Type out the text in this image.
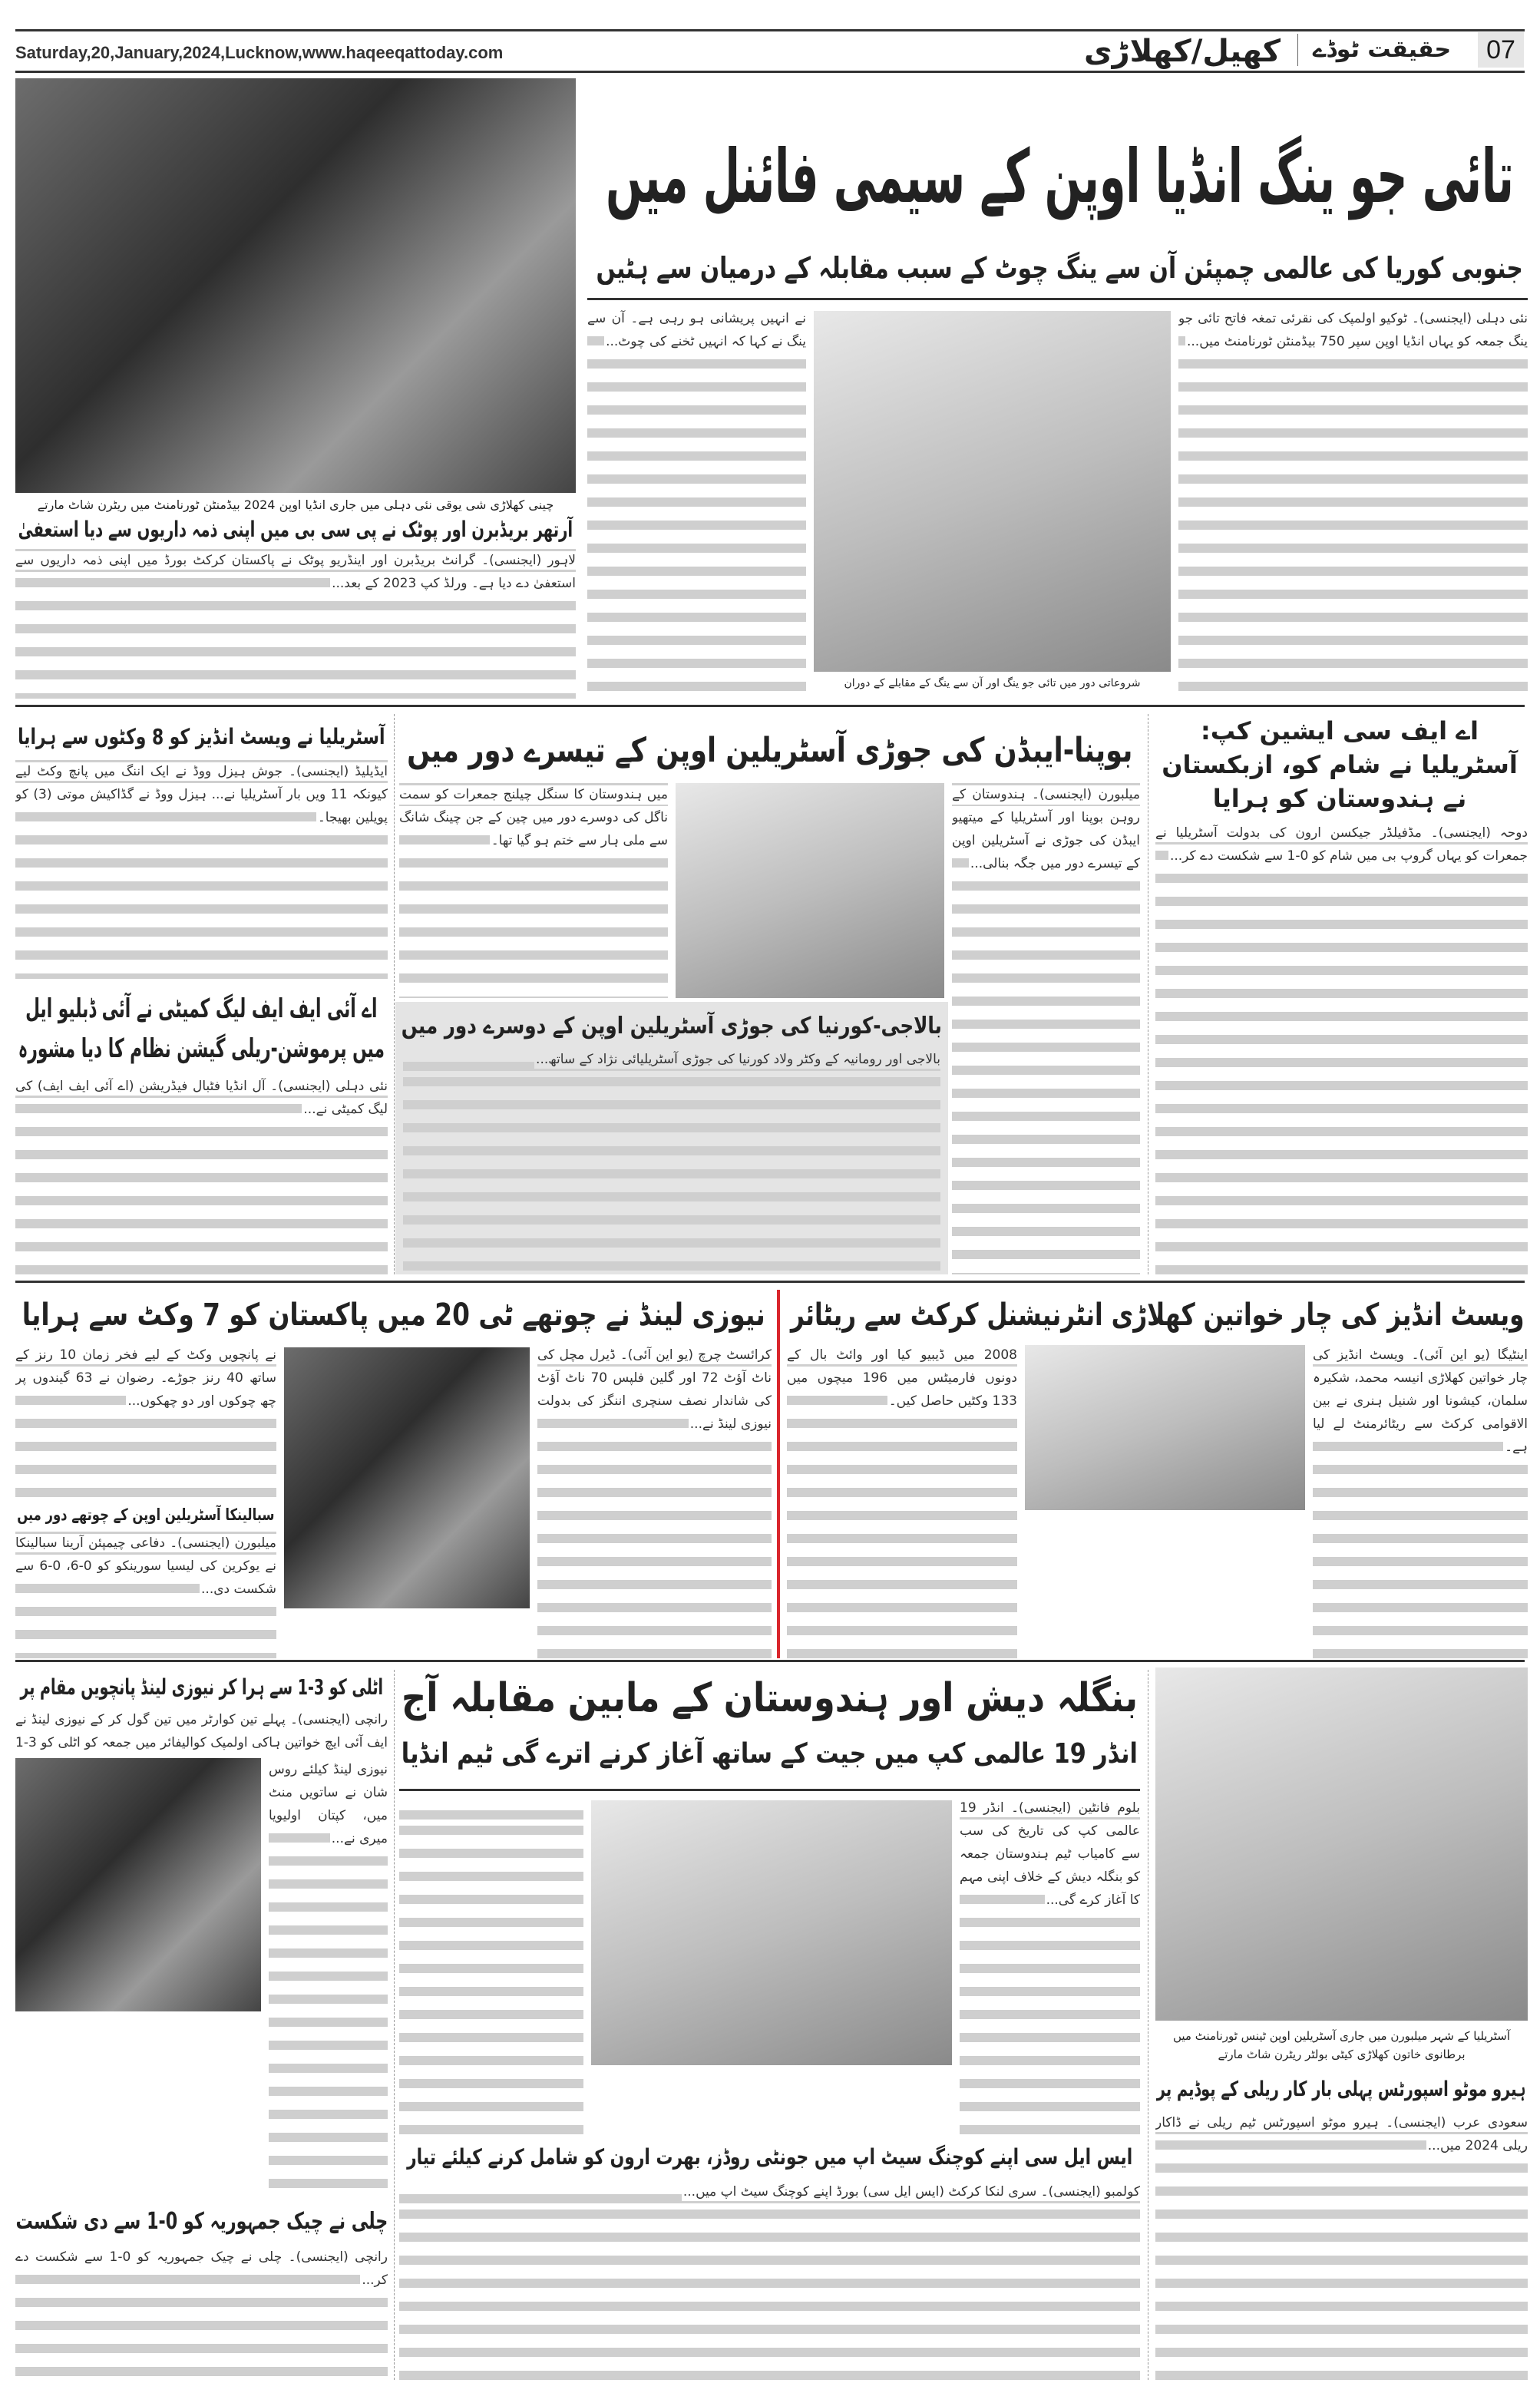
Saturday,20,January,2024,Lucknow,www.haqeeqattoday.com	کھیل/کھلاڑی	حقیقت ٹوڈے	07
چینی کھلاڑی شی یوقی نئی دہلی میں جاری انڈیا اوپن 2024 بیڈمنٹن ٹورنامنٹ میں ریٹرن شاٹ مارتے
آرتھر بریڈبرن اور پوٹک نے پی سی بی میں اپنی ذمہ داریوں سے دیا استعفیٰ

لاہور (ایجنسی)۔ گرانٹ بریڈبرن اور اینڈریو پوٹک نے پاکستان کرکٹ بورڈ میں اپنی ذمہ داریوں سے استعفیٰ دے دیا ہے۔ ورلڈ کپ 2023 کے بعد...

تائی جو ینگ انڈیا اوپن کے سیمی فائنل میں
جنوبی کوریا کی عالمی چمپئن آن سے ینگ چوٹ کے سبب مقابلہ کے درمیان سے ہٹیں

نئی دہلی (ایجنسی)۔ ٹوکیو اولمپک کی نقرئی تمغہ فاتح تائی جو ینگ جمعہ کو یہاں انڈیا اوپن سپر 750 بیڈمنٹن ٹورنامنٹ میں...

شروعاتی دور میں تائی جو ینگ اور آن سے ینگ کے مقابلے کے دوران

نے انہیں پریشانی ہو رہی ہے۔ آن سے ینگ نے کہا کہ انہیں ٹخنے کی چوٹ...

اے ایف سی ایشین کپ: آسٹریلیا نے شام کو، ازبکستان نے ہندوستان کو ہرایا

دوحہ (ایجنسی)۔ مڈفیلڈر جیکسن ارون کی بدولت آسٹریلیا نے جمعرات کو یہاں گروپ بی میں شام کو 0-1 سے شکست دے کر...

بوپنا-ایبڈن کی جوڑی آسٹریلین اوپن کے تیسرے دور میں

میلبورن (ایجنسی)۔ ہندوستان کے روہن بوپنا اور آسٹریلیا کے میتھیو ایبڈن کی جوڑی نے آسٹریلین اوپن کے تیسرے دور میں جگہ بنالی...

میں ہندوستان کا سنگل چیلنج جمعرات کو سمت ناگل کی دوسرے دور میں چین کے جن چینگ شانگ سے ملی ہار سے ختم ہو گیا تھا۔

بالاجی-کورنیا کی جوڑی آسٹریلین اوپن کے دوسرے دور میں

بالاجی اور رومانیہ کے وکٹر ولاد کورنیا کی جوڑی آسٹریلیائی نژاد کے ساتھ...

آسٹریلیا نے ویسٹ انڈیز کو 8 وکٹوں سے ہرایا

ایڈیلیڈ (ایجنسی)۔ جوش ہیزل ووڈ نے ایک اننگ میں پانچ وکٹ لیے کیونکہ 11 ویں بار آسٹریلیا نے... ہیزل ووڈ نے گڈاکیش موتی (3) کو پویلین بھیجا۔

اے آئی ایف ایف لیگ کمیٹی نے آئی ڈبلیو ایل میں پرموشن-ریلی گیشن نظام کا دیا مشورہ

نئی دہلی (ایجنسی)۔ آل انڈیا فٹبال فیڈریشن (اے آئی ایف ایف) کی لیگ کمیٹی نے...

ویسٹ انڈیز کی چار خواتین کھلاڑی انٹرنیشنل کرکٹ سے ریٹائر

اینٹیگا (یو این آئی)۔ ویسٹ انڈیز کی چار خواتین کھلاڑی انیسہ محمد، شکیرہ سلمان، کیشونا اور شنیل ہنری نے بین الاقوامی کرکٹ سے ریٹائرمنٹ لے لیا ہے۔

2008 میں ڈیبیو کیا اور وائٹ بال کے دونوں فارمیٹس میں 196 میچوں میں 133 وکٹیں حاصل کیں۔

نیوزی لینڈ نے چوتھے ٹی 20 میں پاکستان کو 7 وکٹ سے ہرایا

کرائسٹ چرچ (یو این آئی)۔ ڈیرل مچل کی ناٹ آؤٹ 72 اور گلین فلپس 70 ناٹ آؤٹ کی شاندار نصف سنچری اننگز کی بدولت نیوزی لینڈ نے...

نے پانچویں وکٹ کے لیے فخر زمان 10 رنز کے ساتھ 40 رنز جوڑے۔ رضوان نے 63 گیندوں پر چھ چوکوں اور دو چھکوں...

سبالینکا آسٹریلین اوپن کے چوتھے دور میں

میلبورن (ایجنسی)۔ دفاعی چیمپئن آرینا سبالینکا نے یوکرین کی لیسیا سورینکو کو 0-6، 0-6 سے شکست دی...

اٹلی کو 3-1 سے ہرا کر نیوزی لینڈ پانچویں مقام پر

رانچی (ایجنسی)۔ پہلے تین کوارٹر میں تین گول کر کے نیوزی لینڈ نے ایف آئی ایچ خواتین ہاکی اولمپک کوالیفائر میں جمعہ کو اٹلی کو 3-1

نیوزی لینڈ کیلئے روس شان نے ساتویں منٹ میں، کپتان اولیویا میری نے...

چلی نے چیک جمہوریہ کو 0-1 سے دی شکست

رانچی (ایجنسی)۔ چلی نے چیک جمہوریہ کو 0-1 سے شکست دے کر...

بنگلہ دیش اور ہندوستان کے مابین مقابلہ آج
انڈر 19 عالمی کپ میں جیت کے ساتھ آغاز کرنے اترے گی ٹیم انڈیا

بلوم فانٹین (ایجنسی)۔ انڈر 19 عالمی کپ کی تاریخ کی سب سے کامیاب ٹیم ہندوستان جمعہ کو بنگلہ دیش کے خلاف اپنی مہم کا آغاز کرے گی...

ایس ایل سی اپنے کوچنگ سیٹ اپ میں جونٹی روڈز، بھرت ارون کو شامل کرنے کیلئے تیار

کولمبو (ایجنسی)۔ سری لنکا کرکٹ (ایس ایل سی) بورڈ اپنے کوچنگ سیٹ اپ میں...

آسٹریلیا کے شہر میلبورن میں جاری آسٹریلین اوپن ٹینس ٹورنامنٹ میں برطانوی خاتون کھلاڑی کیٹی بولٹر ریٹرن شاٹ مارتے
ہیرو موٹو اسپورٹس پہلی بار کار ریلی کے پوڈیم پر

سعودی عرب (ایجنسی)۔ ہیرو موٹو اسپورٹس ٹیم ریلی نے ڈاکار ریلی 2024 میں...
